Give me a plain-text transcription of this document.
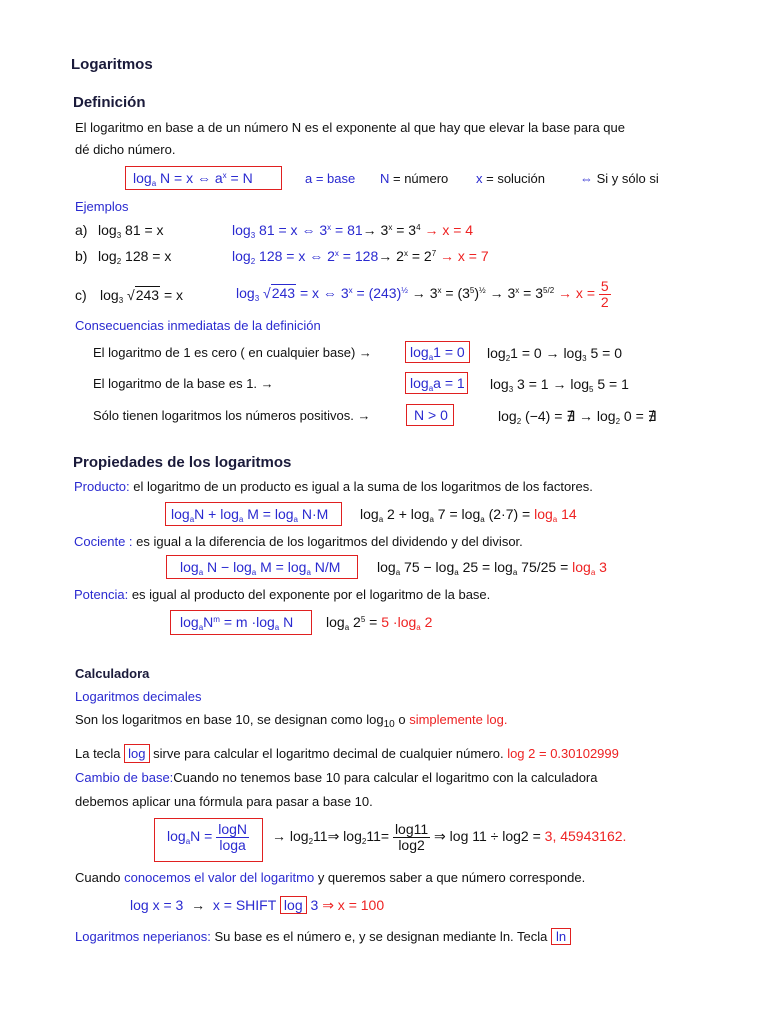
Logaritmos
Definición
El logaritmo en base a de un número N es el exponente al que hay que elevar la base para que
dé dicho número.
$\log_a N = x$ ⇔ $a^x = N$	a = base N = número x = solución	⇔ Si y sólo si
Ejemplos
a) $\log_3 81 = x$	$\log_3 81 = x$ ⇔ $3^x = 81\to 3^x = 3^4 \to x = 4$
b) $\log_2 128 = x$	$\log_2 128 = x$ ⇔ $2^x = 128\to 2^x = 2^7 \to x = 7$
c) $\log_3 √243 = x$	$\log_3 √243 = x$ ⇔ $3^x = (243)^{\frac{1}{2}} \to 3^x = (3^5)^{\frac{1}{2}} \to 3^x = 3^{5/2} \to x = \frac{5}{2}$
Consecuencias inmediatas de la definición
El logaritmo de 1 es cero ( en cualquier base) →	$\log_a1 = 0$ $\log_21 = 0 \to \log_3 5 = 0$
El logaritmo de la base es 1. →	$\log_aa = 1$ $\log_3 3 = 1 \to \log_5 5 = 1$
Sólo tienen logaritmos los números positivos. →	N > 0	$\log_2 (-4)$ = ∄ → $\log_2 0$ = ∄
Propiedades de los logaritmos
Producto: el logaritmo de un producto es igual a la suma de los logaritmos de los factores.
$\log_aN + \log_a M = \log_a N\cdot M$ $\log_a 2 + \log_a 7 = \log_a (2\cdot 7) = \log_a 14$
Cociente : es igual a la diferencia de los logaritmos del dividendo y del divisor.
$\log_a N - \log_a M = \log_a N/M$	$\log_a 75 - \log_a 25 = \log_a 75/25 = \log_a 3$
Potencia: es igual al producto del exponente por el logaritmo de la base.
$\log_aN^m = m \cdot\log_a$ N $\log_a 2^5 = 5 \cdot\log_a$ 2
Calculadora
Logaritmos decimales
Son los logaritmos en base 10, se designan como $\log_{10} o$ simplemente log.
La tecla log sirve para calcular el logaritmo decimal de cualquier número. log 2 = 0.30102999
Cambio de base:Cuando no tenemos base 10 para calcular el logaritmo con la calculadora
debemos aplicar una fórmula para pasar a base 10.
$\log_aN = \frac{\log N}{\log a}$ → $\log_211\Rightarrow$ $\log_211= \frac{\log 11}{\log 2}$ ⇒ log 11 ÷ log2 = 3, 45943162.
Cuando conocemos el valor del logaritmo y queremos saber a que número corresponde.
log x = 3  →  x = SHIFT log 3 ⇒ x = 100
Logaritmos neperianos: Su base es el número e, y se designan mediante ln. Tecla ln
